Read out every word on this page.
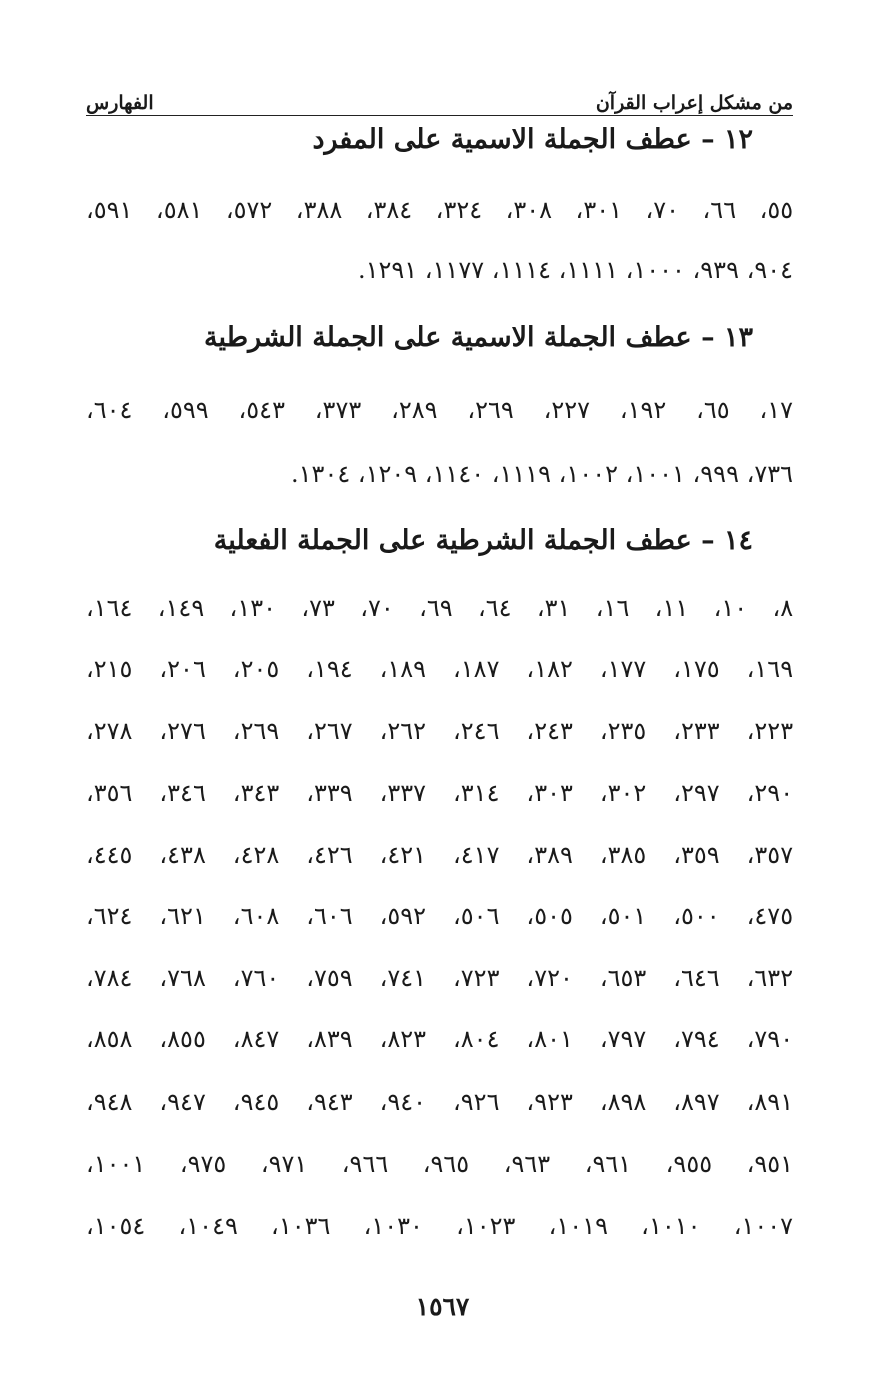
من مشكل إعراب القرآن
الفهارس
١٢ – عطف الجملة الاسمية على المفرد
٥٥، ٦٦، ٧٠، ٣٠١، ٣٠٨، ٣٢٤، ٣٨٤، ٣٨٨، ٥٧٢، ٥٨١، ٥٩١،
٩٠٤، ٩٣٩، ١٠٠٠، ١١١١، ١١١٤، ١١٧٧، ١٢٩١.
١٣ – عطف الجملة الاسمية على الجملة الشرطية
١٧، ٦٥، ١٩٢، ٢٢٧، ٢٦٩، ٢٨٩، ٣٧٣، ٥٤٣، ٥٩٩، ٦٠٤،
٧٣٦، ٩٩٩، ١٠٠١، ١٠٠٢، ١١١٩، ١١٤٠، ١٢٠٩، ١٣٠٤.
١٤ – عطف الجملة الشرطية على الجملة الفعلية
٨، ١٠، ١١، ١٦، ٣١، ٦٤، ٦٩، ٧٠، ٧٣، ١٣٠، ١٤٩، ١٦٤،
١٦٩، ١٧٥، ١٧٧، ١٨٢، ١٨٧، ١٨٩، ١٩٤، ٢٠٥، ٢٠٦، ٢١٥،
٢٢٣، ٢٣٣، ٢٣٥، ٢٤٣، ٢٤٦، ٢٦٢، ٢٦٧، ٢٦٩، ٢٧٦، ٢٧٨،
٢٩٠، ٢٩٧، ٣٠٢، ٣٠٣، ٣١٤، ٣٣٧، ٣٣٩، ٣٤٣، ٣٤٦، ٣٥٦،
٣٥٧، ٣٥٩، ٣٨٥، ٣٨٩، ٤١٧، ٤٢١، ٤٢٦، ٤٢٨، ٤٣٨، ٤٤٥،
٤٧٥، ٥٠٠، ٥٠١، ٥٠٥، ٥٠٦، ٥٩٢، ٦٠٦، ٦٠٨، ٦٢١، ٦٢٤،
٦٣٢، ٦٤٦، ٦٥٣، ٧٢٠، ٧٢٣، ٧٤١، ٧٥٩، ٧٦٠، ٧٦٨، ٧٨٤،
٧٩٠، ٧٩٤، ٧٩٧، ٨٠١، ٨٠٤، ٨٢٣، ٨٣٩، ٨٤٧، ٨٥٥، ٨٥٨،
٨٩١، ٨٩٧، ٨٩٨، ٩٢٣، ٩٢٦، ٩٤٠، ٩٤٣، ٩٤٥، ٩٤٧، ٩٤٨،
٩٥١، ٩٥٥، ٩٦١، ٩٦٣، ٩٦٥، ٩٦٦، ٩٧١، ٩٧٥، ١٠٠١،
١٠٠٧، ١٠١٠، ١٠١٩، ١٠٢٣، ١٠٣٠، ١٠٣٦، ١٠٤٩، ١٠٥٤،
١٥٦٧
